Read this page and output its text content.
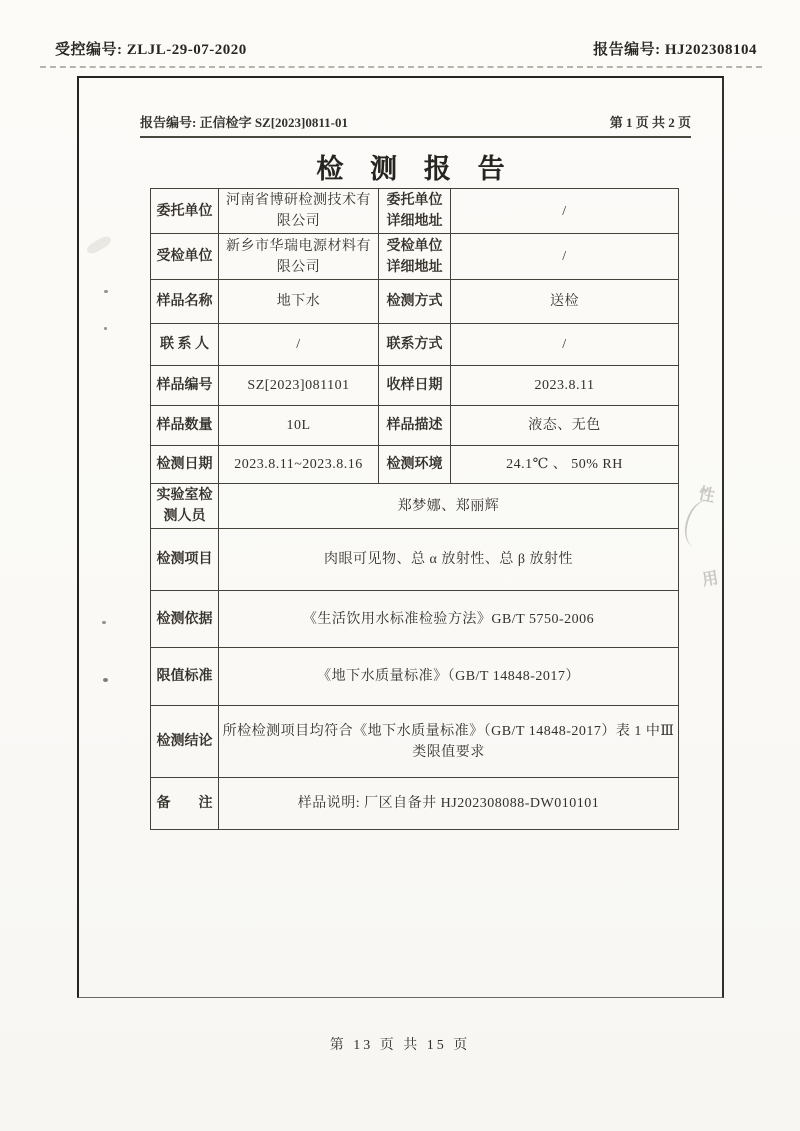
受控编号: ZLJL-29-07-2020	报告编号: HJ202308104
报告编号: 正信检字 SZ[2023]0811-01	第 1 页 共 2 页
检 测 报 告
委托单位	河南省博研检测技术有限公司	委托单位详细地址	/
受检单位	新乡市华瑞电源材料有限公司	受检单位详细地址	/
样品名称	地下水	检测方式	送检
联 系 人	/	联系方式	/
样品编号	SZ[2023]081101	收样日期	2023.8.11
样品数量	10L	样品描述	液态、无色
检测日期	2023.8.11~2023.8.16	检测环境	24.1℃ 、 50% RH
实验室检测人员	郑梦娜、郑丽辉		
检测项目	肉眼可见物、总 α 放射性、总 β 放射性		
检测依据	《生活饮用水标准检验方法》GB/T 5750-2006		
限值标准	《地下水质量标准》（GB/T 14848-2017）		
检测结论	所检检测项目均符合《地下水质量标准》（GB/T 14848-2017）表 1 中Ⅲ类限值要求		
备　　注	样品说明: 厂区自备井 HJ202308088-DW010101		
第 13 页 共 15 页
性
用
